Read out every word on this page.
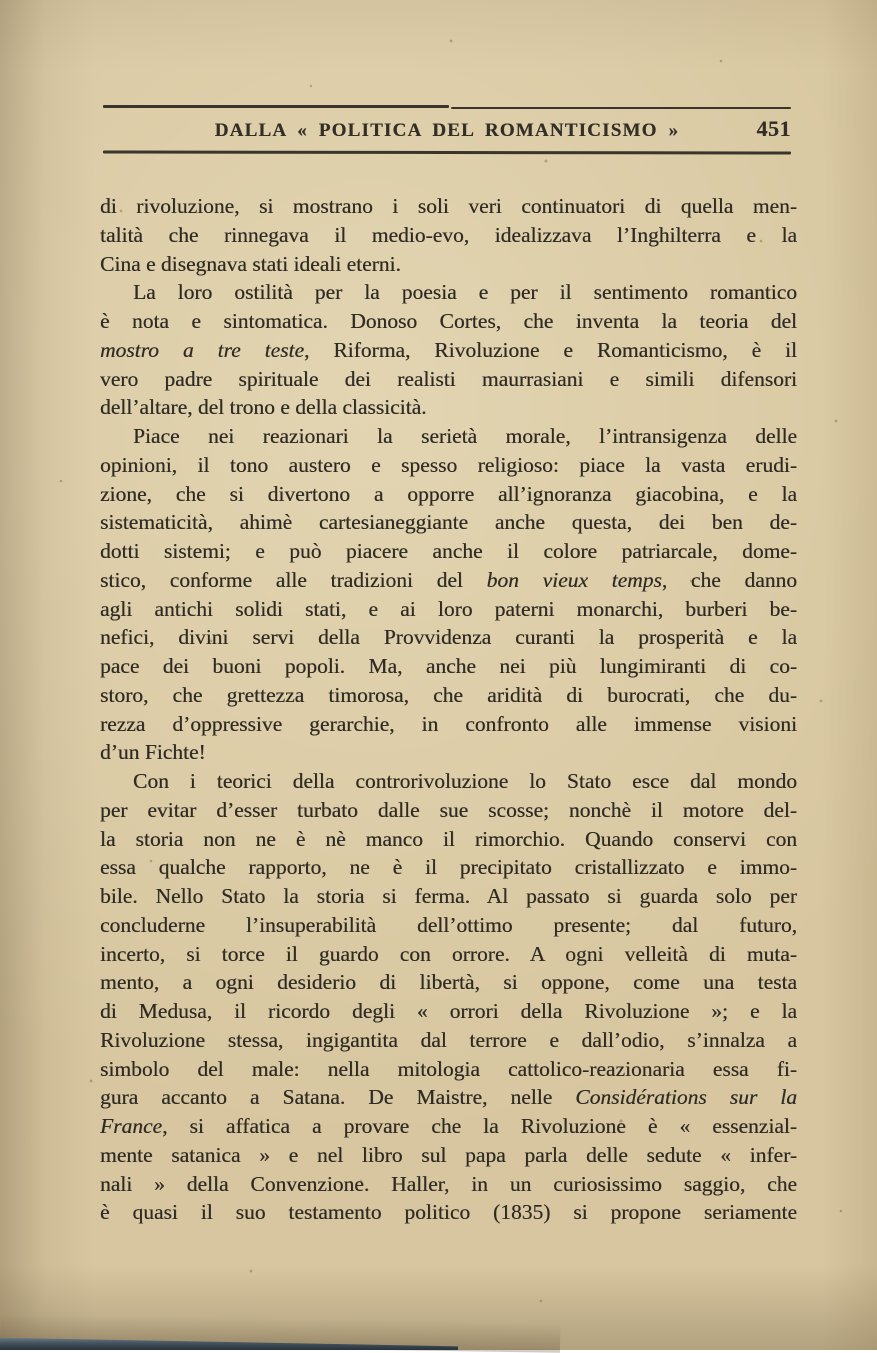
DALLA « POLITICA DEL ROMANTICISMO »	451
di rivoluzione, si mostrano i soli veri continuatori di quella men-
talità che rinnegava il medio-evo, idealizzava l’Inghilterra e la
Cina e disegnava stati ideali eterni.
La loro ostilità per la poesia e per il sentimento romantico
è nota e sintomatica. Donoso Cortes, che inventa la teoria del
mostro a tre teste, Riforma, Rivoluzione e Romanticismo, è il
vero padre spirituale dei realisti maurrasiani e simili difensori
dell’altare, del trono e della classicità.
Piace nei reazionari la serietà morale, l’intransigenza delle
opinioni, il tono austero e spesso religioso: piace la vasta erudi-
zione, che si divertono a opporre all’ignoranza giacobina, e la
sistematicità, ahimè cartesianeggiante anche questa, dei ben de-
dotti sistemi; e può piacere anche il colore patriarcale, dome-
stico, conforme alle tradizioni del bon vieux temps, che danno
agli antichi solidi stati, e ai loro paterni monarchi, burberi be-
nefici, divini servi della Provvidenza curanti la prosperità e la
pace dei buoni popoli. Ma, anche nei più lungimiranti di co-
storo, che grettezza timorosa, che aridità di burocrati, che du-
rezza d’oppressive gerarchie, in confronto alle immense visioni
d’un Fichte!
Con i teorici della controrivoluzione lo Stato esce dal mondo
per evitar d’esser turbato dalle sue scosse; nonchè il motore del-
la storia non ne è nè manco il rimorchio. Quando conservi con
essa qualche rapporto, ne è il precipitato cristallizzato e immo-
bile. Nello Stato la storia si ferma. Al passato si guarda solo per
concluderne l’insuperabilità dell’ottimo presente; dal futuro,
incerto, si torce il guardo con orrore. A ogni velleità di muta-
mento, a ogni desiderio di libertà, si oppone, come una testa
di Medusa, il ricordo degli « orrori della Rivoluzione »; e la
Rivoluzione stessa, ingigantita dal terrore e dall’odio, s’innalza a
simbolo del male: nella mitologia cattolico-reazionaria essa fi-
gura accanto a Satana. De Maistre, nelle Considérations sur la
France, si affatica a provare che la Rivoluzione è « essenzial-
mente satanica » e nel libro sul papa parla delle sedute « infer-
nali » della Convenzione. Haller, in un curiosissimo saggio, che
è quasi il suo testamento politico (1835) si propone seriamente
